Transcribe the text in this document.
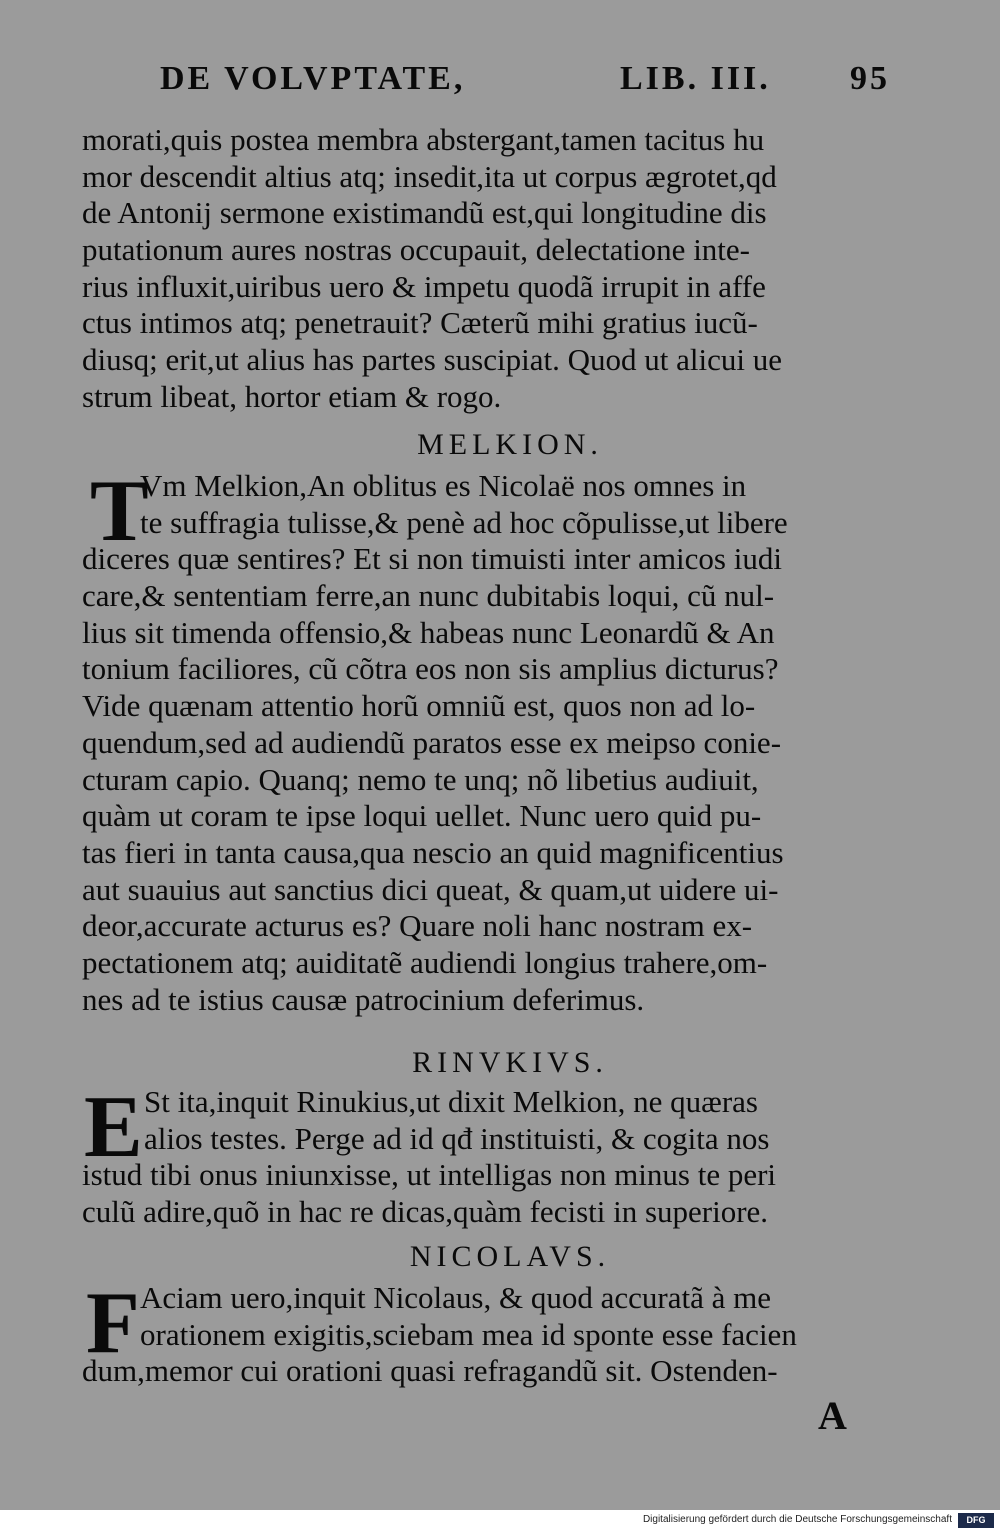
DE VOLVPTATE,	LIB. III. 95
morati,quis postea membra abstergant,tamen tacitus hu
mor descendit altius atq; insedit,ita ut corpus ægrotet,qd
de Antonij sermone existimandũ est,qui longitudine dis
putationum aures nostras occupauit, delectatione inte-
rius influxit,uiribus uero & impetu quodã irrupit in affe
ctus intimos atq; penetrauit? Cæterũ mihi gratius iucũ-
diusq; erit,ut alius has partes suscipiat. Quod ut alicui ue
strum libeat, hortor etiam & rogo.
MELKION.
T
Vm Melkion,An oblitus es Nicolaë nos omnes in
te suffragia tulisse,& penè ad hoc cõpulisse,ut libere
diceres quæ sentires? Et si non timuisti inter amicos iudi
care,& sententiam ferre,an nunc dubitabis loqui, cũ nul-
lius sit timenda offensio,& habeas nunc Leonardũ & An
tonium faciliores, cũ cõtra eos non sis amplius dicturus?
Vide quænam attentio horũ omniũ est, quos non ad lo-
quendum,sed ad audiendũ paratos esse ex meipso conie-
cturam capio. Quanq; nemo te unq; nõ libetius audiuit,
quàm ut coram te ipse loqui uellet. Nunc uero quid pu-
tas fieri in tanta causa,qua nescio an quid magnificentius
aut suauius aut sanctius dici queat, & quam,ut uidere ui-
deor,accurate acturus es? Quare noli hanc nostram ex-
pectationem atq; auiditatẽ audiendi longius trahere,om-
nes ad te istius causæ patrocinium deferimus.
RINVKIVS.
E St ita,inquit Rinukius,ut dixit Melkion, ne quæras
alios testes. Perge ad id qđ instituisti, & cogita nos
istud tibi onus iniunxisse, ut intelligas non minus te peri
culũ adire,quõ in hac re dicas,quàm fecisti in superiore.
NICOLAVS.
F Aciam uero,inquit Nicolaus, & quod accuratã à me
orationem exigitis,sciebam mea id sponte esse facien
dum,memor cui orationi quasi refragandũ sit. Ostenden-
A
Digitalisierung gefördert durch die Deutsche Forschungsgemeinschaft	DFG
